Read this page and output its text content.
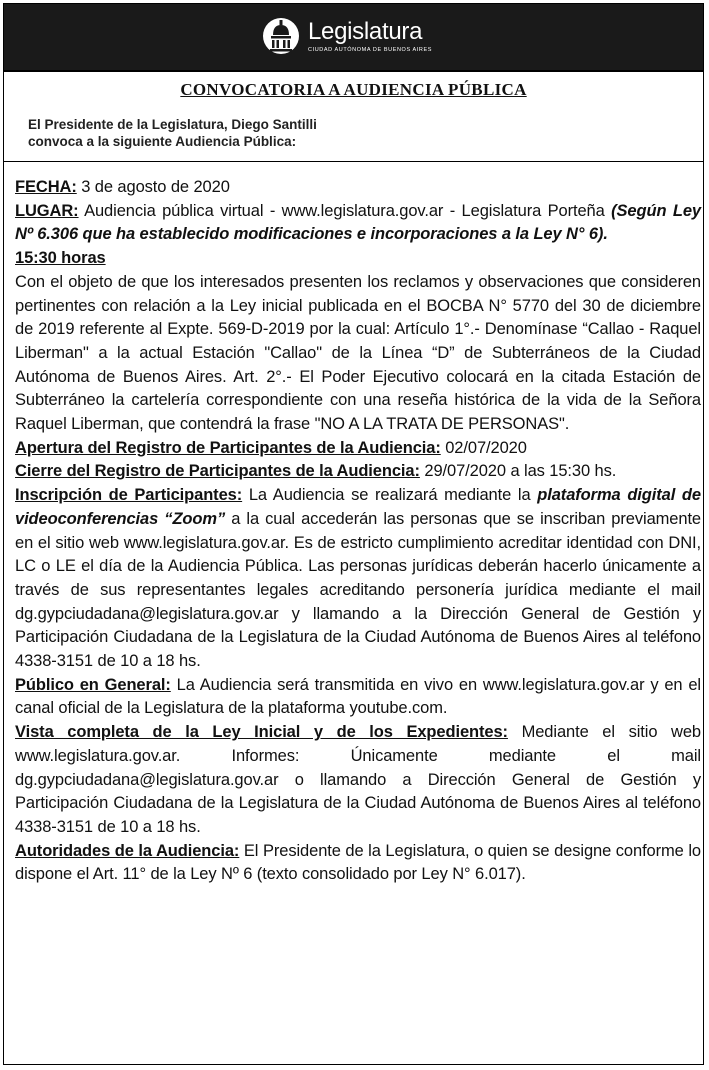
Legislatura
CIUDAD AUTÓNOMA DE BUENOS AIRES
CONVOCATORIA A AUDIENCIA PÚBLICA
El Presidente de la Legislatura, Diego Santilli
convoca a la siguiente Audiencia Pública:

FECHA: 3 de agosto de 2020

LUGAR: Audiencia pública virtual - www.legislatura.gov.ar - Legislatura Porteña (Según Ley Nº 6.306 que ha establecido modificaciones e incorporaciones a la Ley N° 6).

15:30 horas

Con el objeto de que los interesados presenten los reclamos y observaciones que consideren pertinentes con relación a la Ley inicial publicada en el BOCBA N° 5770 del 30 de diciembre de 2019 referente al Expte. 569-D-2019 por la cual: Artículo 1°.- Denomínase “Callao - Raquel Liberman" a la actual Estación "Callao" de la Línea “D” de Subterráneos de la Ciudad Autónoma de Buenos Aires. Art. 2°.- El Poder Ejecutivo colocará en la citada Estación de Subterráneo la cartelería correspondiente con una reseña histórica de la vida de la Señora Raquel Liberman, que contendrá la frase "NO A LA TRATA DE PERSONAS".

Apertura del Registro de Participantes de la Audiencia: 02/07/2020

Cierre del Registro de Participantes de la Audiencia: 29/07/2020 a las 15:30 hs.

Inscripción de Participantes: La Audiencia se realizará mediante la plataforma digital de videoconferencias “Zoom” a la cual accederán las personas que se inscriban previamente en el sitio web www.legislatura.gov.ar. Es de estricto cumplimiento acreditar identidad con DNI, LC o LE el día de la Audiencia Pública. Las personas jurídicas deberán hacerlo únicamente a través de sus representantes legales acreditando personería jurídica mediante el mail dg.gypciudadana@legislatura.gov.ar y llamando a la Dirección General de Gestión y Participación Ciudadana de la Legislatura de la Ciudad Autónoma de Buenos Aires al teléfono 4338-3151 de 10 a 18 hs.

Público en General: La Audiencia será transmitida en vivo en www.legislatura.gov.ar y en el canal oficial de la Legislatura de la plataforma youtube.com.

Vista completa de la Ley Inicial y de los Expedientes: Mediante el sitio web www.legislatura.gov.ar. Informes: Únicamente mediante el mail dg.gypciudadana@legislatura.gov.ar o llamando a Dirección General de Gestión y Participación Ciudadana de la Legislatura de la Ciudad Autónoma de Buenos Aires al teléfono 4338-3151 de 10 a 18 hs.

Autoridades de la Audiencia: El Presidente de la Legislatura, o quien se designe conforme lo dispone el Art. 11° de la Ley Nº 6 (texto consolidado por Ley N° 6.017).
